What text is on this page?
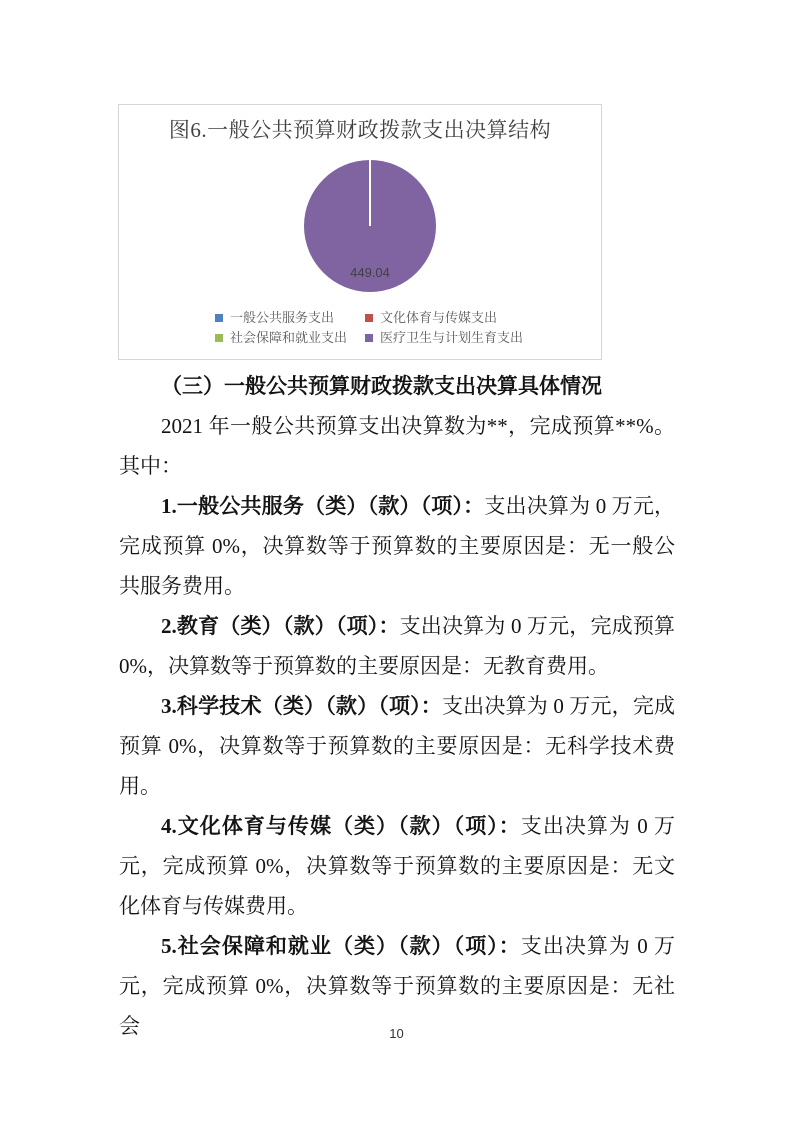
图6.一般公共预算财政拨款支出决算结构
449.04
一般公共服务支出	文化体育与传媒支出
社会保障和就业支出	医疗卫生与计划生育支出

（三）一般公共预算财政拨款支出决算具体情况

2021 年一般公共预算支出决算数为**，完成预算**%。其中：

1.一般公共服务（类）（款）（项）：支出决算为 0 万元，完成预算 0%，决算数等于预算数的主要原因是：无一般公共服务费用。

2.教育（类）（款）（项）：支出决算为 0 万元，完成预算 0%，决算数等于预算数的主要原因是：无教育费用。

3.科学技术（类）（款）（项）：支出决算为 0 万元，完成预算 0%，决算数等于预算数的主要原因是：无科学技术费用。

4.文化体育与传媒（类）（款）（项）：支出决算为 0 万元，完成预算 0%，决算数等于预算数的主要原因是：无文化体育与传媒费用。

5.社会保障和就业（类）（款）（项）：支出决算为 0 万元，完成预算 0%，决算数等于预算数的主要原因是：无社会	10
